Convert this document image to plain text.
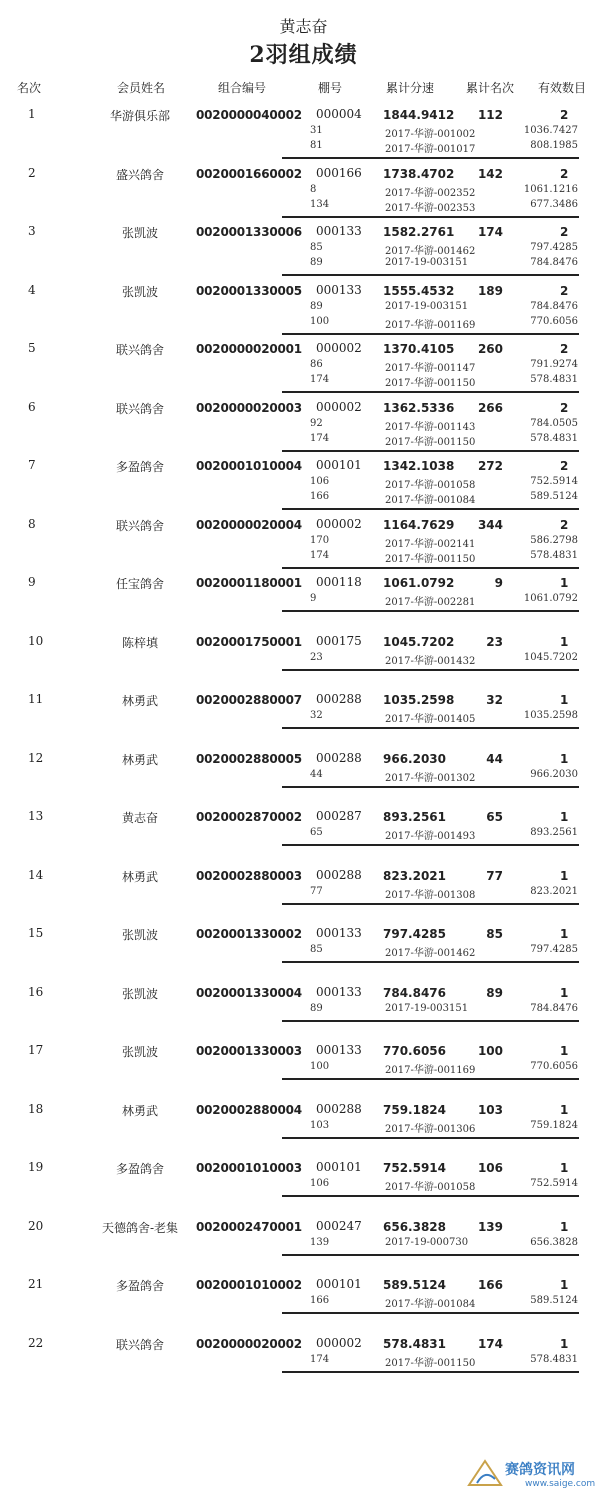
黄志奋
2羽组成绩
名次	会员姓名	组合编号	棚号	累计分速	累计名次 有效数目
1	华游俱乐部	0020000040002 000004 1844.9412 112	2
31	2017-华游-001002	1036.7427
81	2017-华游-001017	808.1985
2	盛兴鸽舍	0020001660002 000166 1738.4702 142	2
8	2017-华游-002352	1061.1216
134	2017-华游-002353	677.3486
3	张凯波	0020001330006 000133 1582.2761 174	2
85	2017-华游-001462	797.4285
89	2017-19-003151	784.8476
4	张凯波	0020001330005 000133 1555.4532 189	2
89	2017-19-003151	784.8476
100	2017-华游-001169	770.6056
5	联兴鸽舍	0020000020001 000002 1370.4105 260	2
86	2017-华游-001147	791.9274
174	2017-华游-001150	578.4831
6	联兴鸽舍	0020000020003 000002 1362.5336 266	2
92	2017-华游-001143	784.0505
174	2017-华游-001150	578.4831
7	多盈鸽舍	0020001010004 000101 1342.1038 272	2
106	2017-华游-001058	752.5914
166	2017-华游-001084	589.5124
8	联兴鸽舍	0020000020004 000002 1164.7629 344	2
170	2017-华游-002141	586.2798
174	2017-华游-001150	578.4831
9	任宝鸽舍	0020001180001 000118 1061.0792	9	1
9	2017-华游-002281	1061.0792
10	陈梓填	0020001750001 000175 1045.7202	23	1
23	2017-华游-001432	1045.7202
11	林勇武	0020002880007 000288 1035.2598	32	1
32	2017-华游-001405	1035.2598
12	林勇武	0020002880005 000288 966.2030	44	1
44	2017-华游-001302	966.2030
13	黄志奋	0020002870002 000287 893.2561	65	1
65	2017-华游-001493	893.2561
14	林勇武	0020002880003 000288 823.2021	77	1
77	2017-华游-001308	823.2021
15	张凯波	0020001330002 000133 797.4285	85	1
85	2017-华游-001462	797.4285
16	张凯波	0020001330004 000133 784.8476	89	1
89	2017-19-003151	784.8476
17	张凯波	0020001330003 000133 770.6056	100	1
100	2017-华游-001169	770.6056
18	林勇武	0020002880004 000288 759.1824	103	1
103	2017-华游-001306	759.1824
19	多盈鸽舍	0020001010003 000101 752.5914	106	1
106	2017-华游-001058	752.5914
20	天德鸽舍-老集	0020002470001 000247 656.3828	139	1
139	2017-19-000730	656.3828
21	多盈鸽舍	0020001010002 000101 589.5124	166	1
166	2017-华游-001084	589.5124
22	联兴鸽舍	0020000020002 000002 578.4831	174	1
174	2017-华游-001150	578.4831
赛鸽资讯网
www.saige.com
